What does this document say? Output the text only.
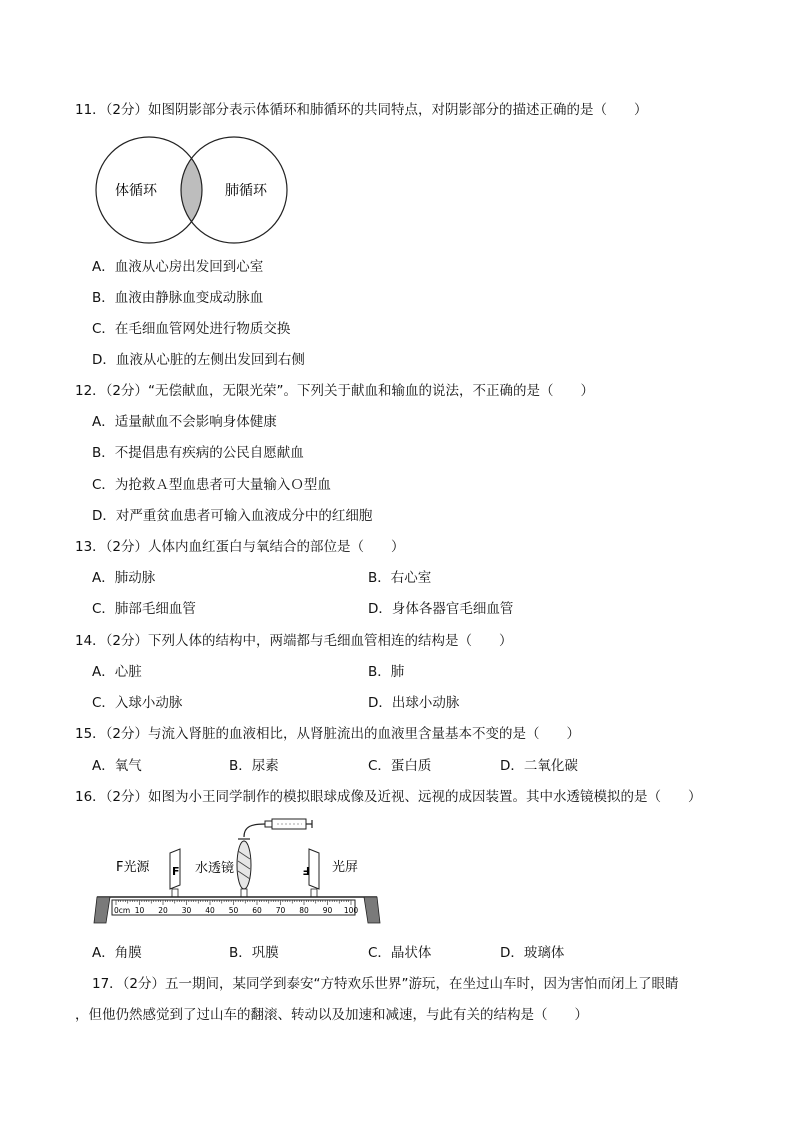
11．（2分）如图阴影部分表示体循环和肺循环的共同特点，对阴影部分的描述正确的是（　　）
体循环	肺循环
A．血液从心房出发回到心室
B．血液由静脉血变成动脉血
C．在毛细血管网处进行物质交换
D．血液从心脏的左侧出发回到右侧
12．（2分）“无偿献血，无限光荣”。下列关于献血和输血的说法，不正确的是（　　）
A．适量献血不会影响身体健康
B．不提倡患有疾病的公民自愿献血
C．为抢救Ａ型血患者可大量输入Ｏ型血
D．对严重贫血患者可输入血液成分中的红细胞
13．（2分）人体内血红蛋白与氧结合的部位是（　　）
A．肺动脉	B．右心室
C．肺部毛细血管	D．身体各器官毛细血管
14．（2分）下列人体的结构中，两端都与毛细血管相连的结构是（　　）
A．心脏	B．肺
C．入球小动脉	D．出球小动脉
15．（2分）与流入肾脏的血液相比，从肾脏流出的血液里含量基本不变的是（　　）
A．氧气	B．尿素	C．蛋白质	D．二氧化碳
16．（2分）如图为小王同学制作的模拟眼球成像及近视、远视的成因装置。其中水透镜模拟的是（　　）
F	F
F光源	水透镜	光屏
0cm 10 20 30 40 50 60 70 80 90 100
A．角膜	B．巩膜	C．晶状体	D．玻璃体
17．（2分）五一期间，某同学到泰安“方特欢乐世界”游玩，在坐过山车时，因为害怕而闭上了眼睛
，但他仍然感觉到了过山车的翻滚、转动以及加速和减速，与此有关的结构是（　　）
